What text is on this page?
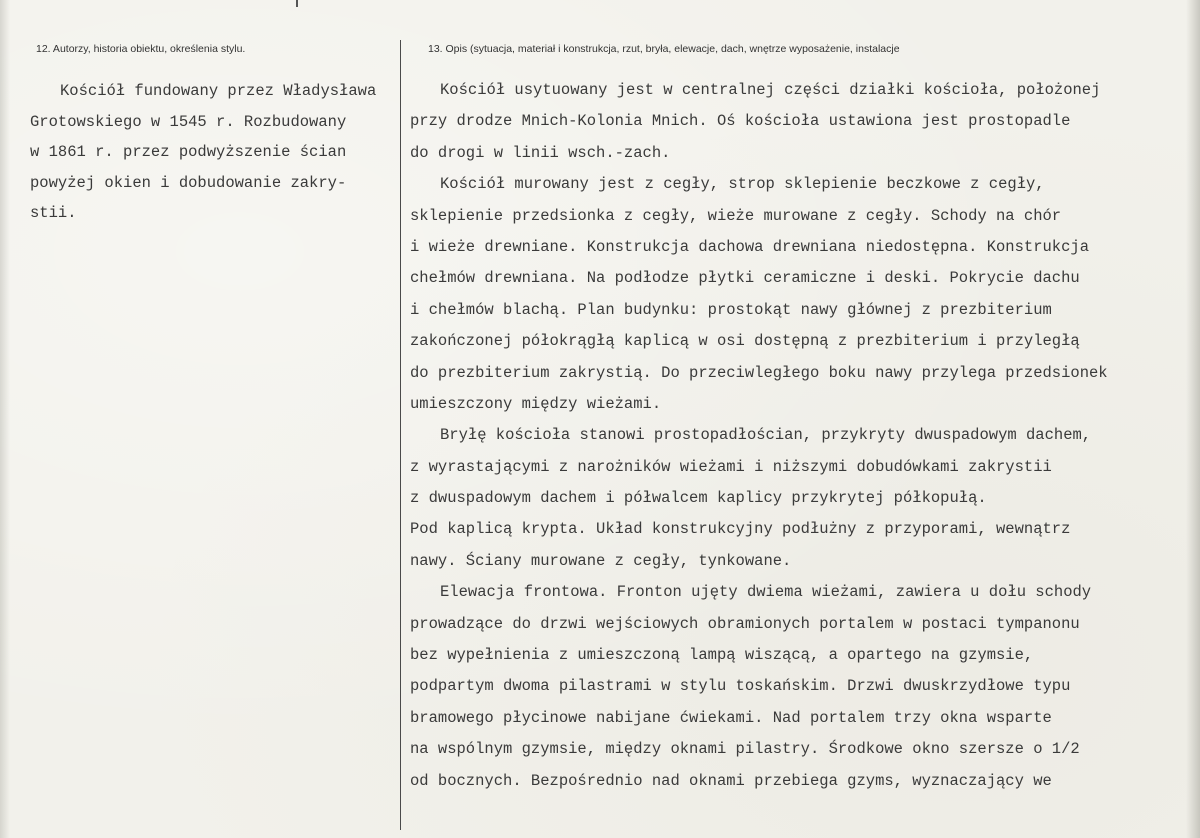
12. Autorzy, historia obiektu, określenia stylu.	13. Opis (sytuacja, materiał i konstrukcja, rzut, bryła, elewacje, dach, wnętrze wyposażenie, instalacje
Kościół fundowany przez Władysława
Grotowskiego w 1545 r. Rozbudowany
w 1861 r. przez podwyższenie ścian
powyżej okien i dobudowanie zakry-
stii.
Kościół usytuowany jest w centralnej części działki kościoła, położonej
przy drodze Mnich-Kolonia Mnich. Oś kościoła ustawiona jest prostopadle
do drogi w linii wsch.-zach.
Kościół murowany jest z cegły, strop sklepienie beczkowe z cegły,
sklepienie przedsionka z cegły, wieże murowane z cegły. Schody na chór
i wieże drewniane. Konstrukcja dachowa drewniana niedostępna. Konstrukcja
chełmów drewniana. Na podłodze płytki ceramiczne i deski. Pokrycie dachu
i chełmów blachą. Plan budynku: prostokąt nawy głównej z prezbiterium
zakończonej półokrągłą kaplicą w osi dostępną z prezbiterium i przyległą
do prezbiterium zakrystią. Do przeciwległego boku nawy przylega przedsionek
umieszczony między wieżami.
Bryłę kościoła stanowi prostopadłościan, przykryty dwuspadowym dachem,
z wyrastającymi z narożników wieżami i niższymi dobudówkami zakrystii
z dwuspadowym dachem i półwalcem kaplicy przykrytej półkopułą.
Pod kaplicą krypta. Układ konstrukcyjny podłużny z przyporami, wewnątrz
nawy. Ściany murowane z cegły, tynkowane.
Elewacja frontowa. Fronton ujęty dwiema wieżami, zawiera u dołu schody
prowadzące do drzwi wejściowych obramionych portalem w postaci tympanonu
bez wypełnienia z umieszczoną lampą wiszącą, a opartego na gzymsie,
podpartym dwoma pilastrami w stylu toskańskim. Drzwi dwuskrzydłowe typu
bramowego płycinowe nabijane ćwiekami. Nad portalem trzy okna wsparte
na wspólnym gzymsie, między oknami pilastry. Środkowe okno szersze o 1/2
od bocznych. Bezpośrednio nad oknami przebiega gzyms, wyznaczający we
